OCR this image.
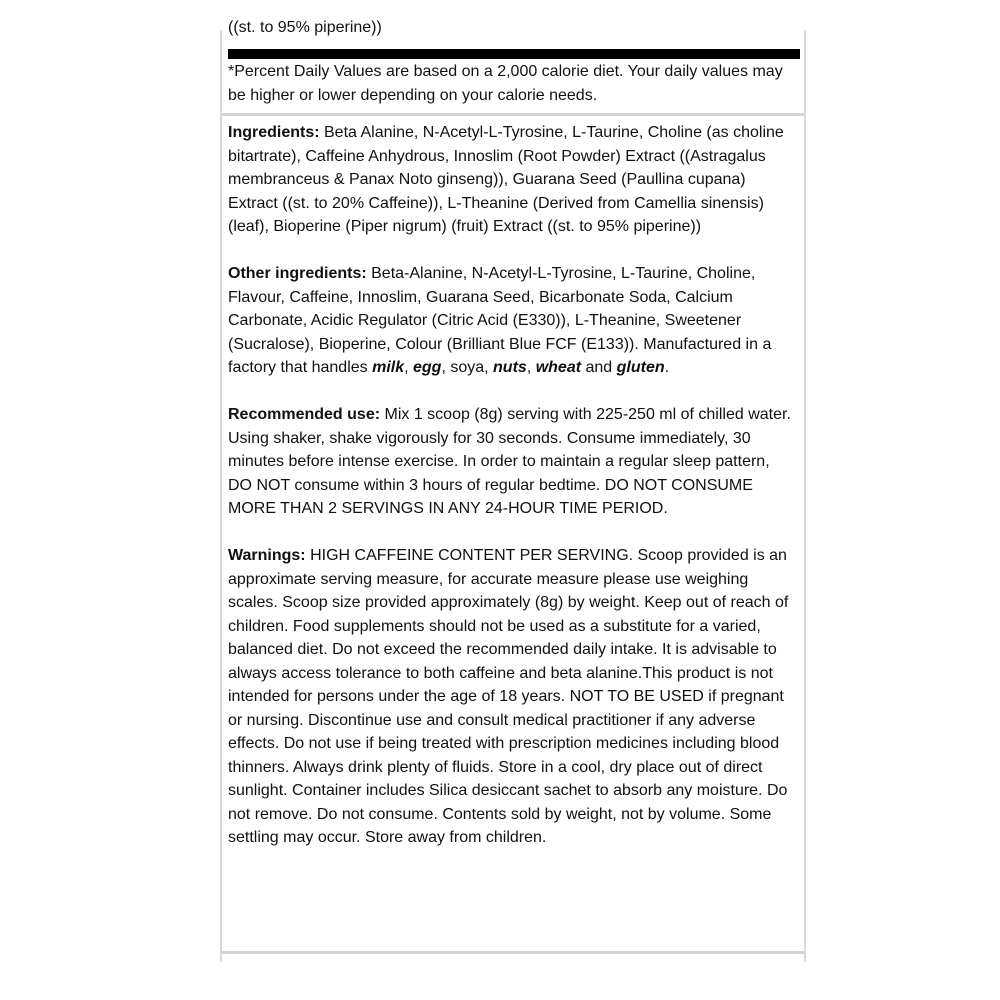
((st. to 95% piperine))
*Percent Daily Values are based on a 2,000 calorie diet. Your daily values may be higher or lower depending on your calorie needs.

Ingredients: Beta Alanine, N-Acetyl-L-Tyrosine, L-Taurine, Choline (as choline bitartrate), Caffeine Anhydrous, Innoslim (Root Powder) Extract ((Astragalus membranceus & Panax Noto ginseng)), Guarana Seed (Paullina cupana) Extract ((st. to 20% Caffeine)), L-Theanine (Derived from Camellia sinensis) (leaf), Bioperine (Piper nigrum) (fruit) Extract ((st. to 95% piperine))

Other ingredients: Beta-Alanine, N-Acetyl-L-Tyrosine, L-Taurine, Choline, Flavour, Caffeine, Innoslim, Guarana Seed, Bicarbonate Soda, Calcium Carbonate, Acidic Regulator (Citric Acid (E330)), L-Theanine, Sweetener (Sucralose), Bioperine, Colour (Brilliant Blue FCF (E133)). Manufactured in a factory that handles milk, egg, soya, nuts, wheat and gluten.

Recommended use: Mix 1 scoop (8g) serving with 225-250 ml of chilled water. Using shaker, shake vigorously for 30 seconds. Consume immediately, 30 minutes before intense exercise. In order to maintain a regular sleep pattern, DO NOT consume within 3 hours of regular bedtime. DO NOT CONSUME MORE THAN 2 SERVINGS IN ANY 24-HOUR TIME PERIOD.

Warnings: HIGH CAFFEINE CONTENT PER SERVING. Scoop provided is an approximate serving measure, for accurate measure please use weighing scales. Scoop size provided approximately (8g) by weight. Keep out of reach of children. Food supplements should not be used as a substitute for a varied, balanced diet. Do not exceed the recommended daily intake. It is advisable to always access tolerance to both caffeine and beta alanine.This product is not intended for persons under the age of 18 years. NOT TO BE USED if pregnant or nursing. Discontinue use and consult medical practitioner if any adverse effects. Do not use if being treated with prescription medicines including blood thinners. Always drink plenty of fluids. Store in a cool, dry place out of direct sunlight. Container includes Silica desiccant sachet to absorb any moisture. Do not remove. Do not consume. Contents sold by weight, not by volume. Some settling may occur. Store away from children.
